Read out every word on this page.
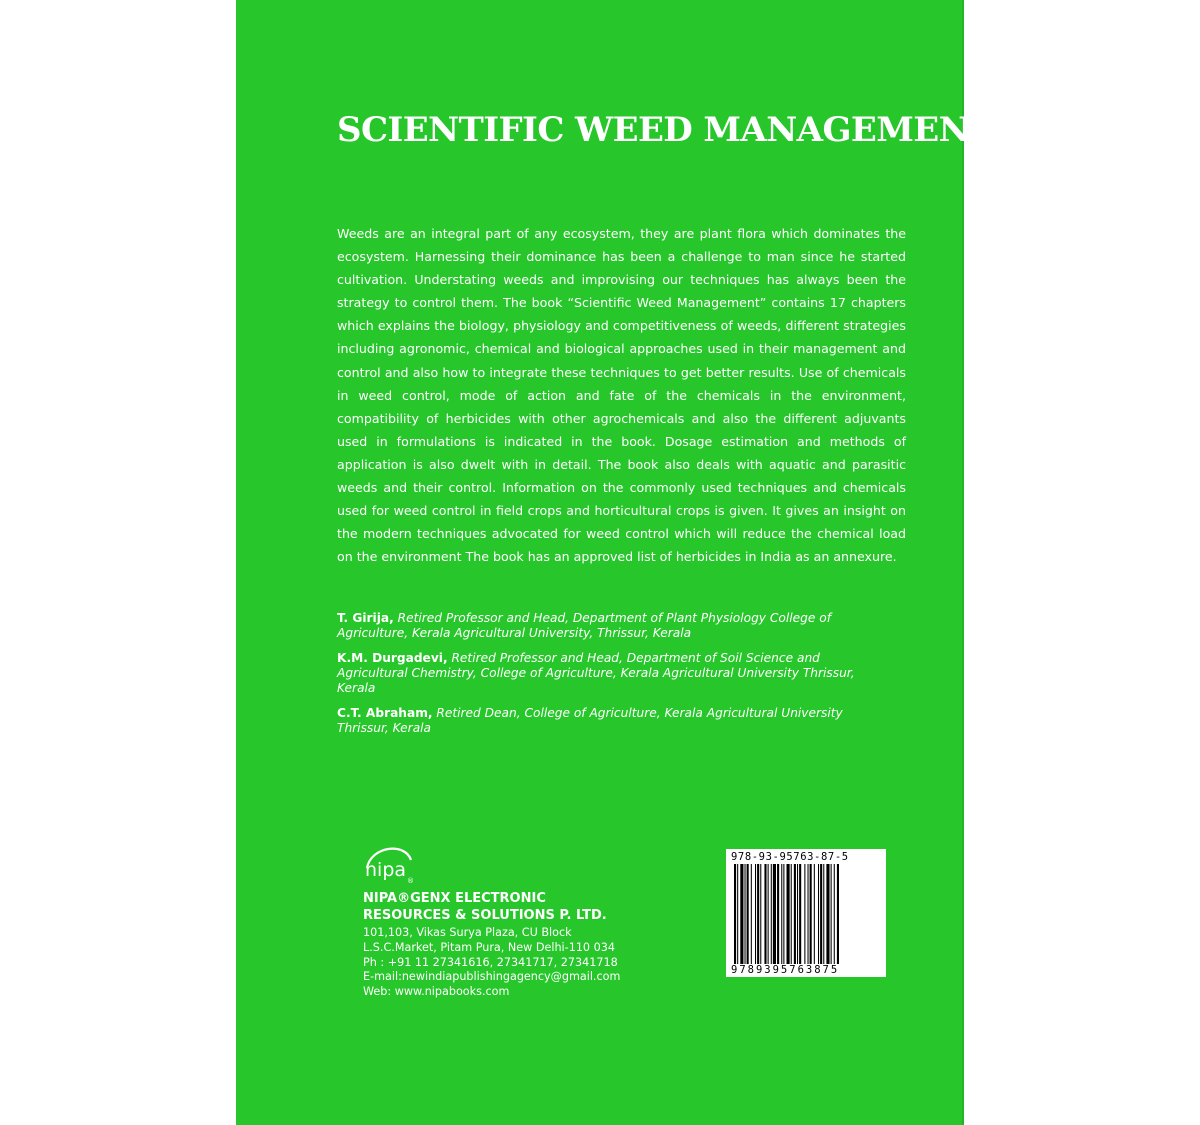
SCIENTIFIC WEED MANAGEMENT

Weeds are an integral part of any ecosystem, they are plant flora which dominates the ecosystem. Harnessing their dominance has been a challenge to man since he started cultivation. Understating weeds and improvising our techniques has always been the strategy to control them. The book “Scientific Weed Management” contains 17 chapters which explains the biology, physiology and competitiveness of weeds, different strategies including agronomic, chemical and biological approaches used in their management and control and also how to integrate these techniques to get better results. Use of chemicals in weed control, mode of action and fate of the chemicals in the environment, compatibility of herbicides with other agrochemicals and also the different adjuvants used in formulations is indicated in the book. Dosage estimation and methods of application is also dwelt with in detail. The book also deals with aquatic and parasitic weeds and their control. Information on the commonly used techniques and chemicals used for weed control in field crops and horticultural crops is given. It gives an insight on the modern techniques advocated for weed control which will reduce the chemical load on the environment The book has an approved list of herbicides in India as an annexure.

T. Girija, Retired Professor and Head, Department of Plant Physiology College of Agriculture, Kerala Agricultural University, Thrissur, Kerala

K.M. Durgadevi, Retired Professor and Head, Department of Soil Science and Agricultural Chemistry, College of Agriculture, Kerala Agricultural University Thrissur, Kerala

C.T. Abraham, Retired Dean, College of Agriculture, Kerala Agricultural University Thrissur, Kerala

nipa ®
NIPA®GENX ELECTRONIC
RESOURCES & SOLUTIONS P. LTD.
101,103, Vikas Surya Plaza, CU Block
L.S.C.Market, Pitam Pura, New Delhi-110 034
Ph : +91 11 27341616, 27341717, 27341718
E-mail:newindiapublishingagency@gmail.com
Web: www.nipabooks.com
978-93-95763-87-5
9789395763875
